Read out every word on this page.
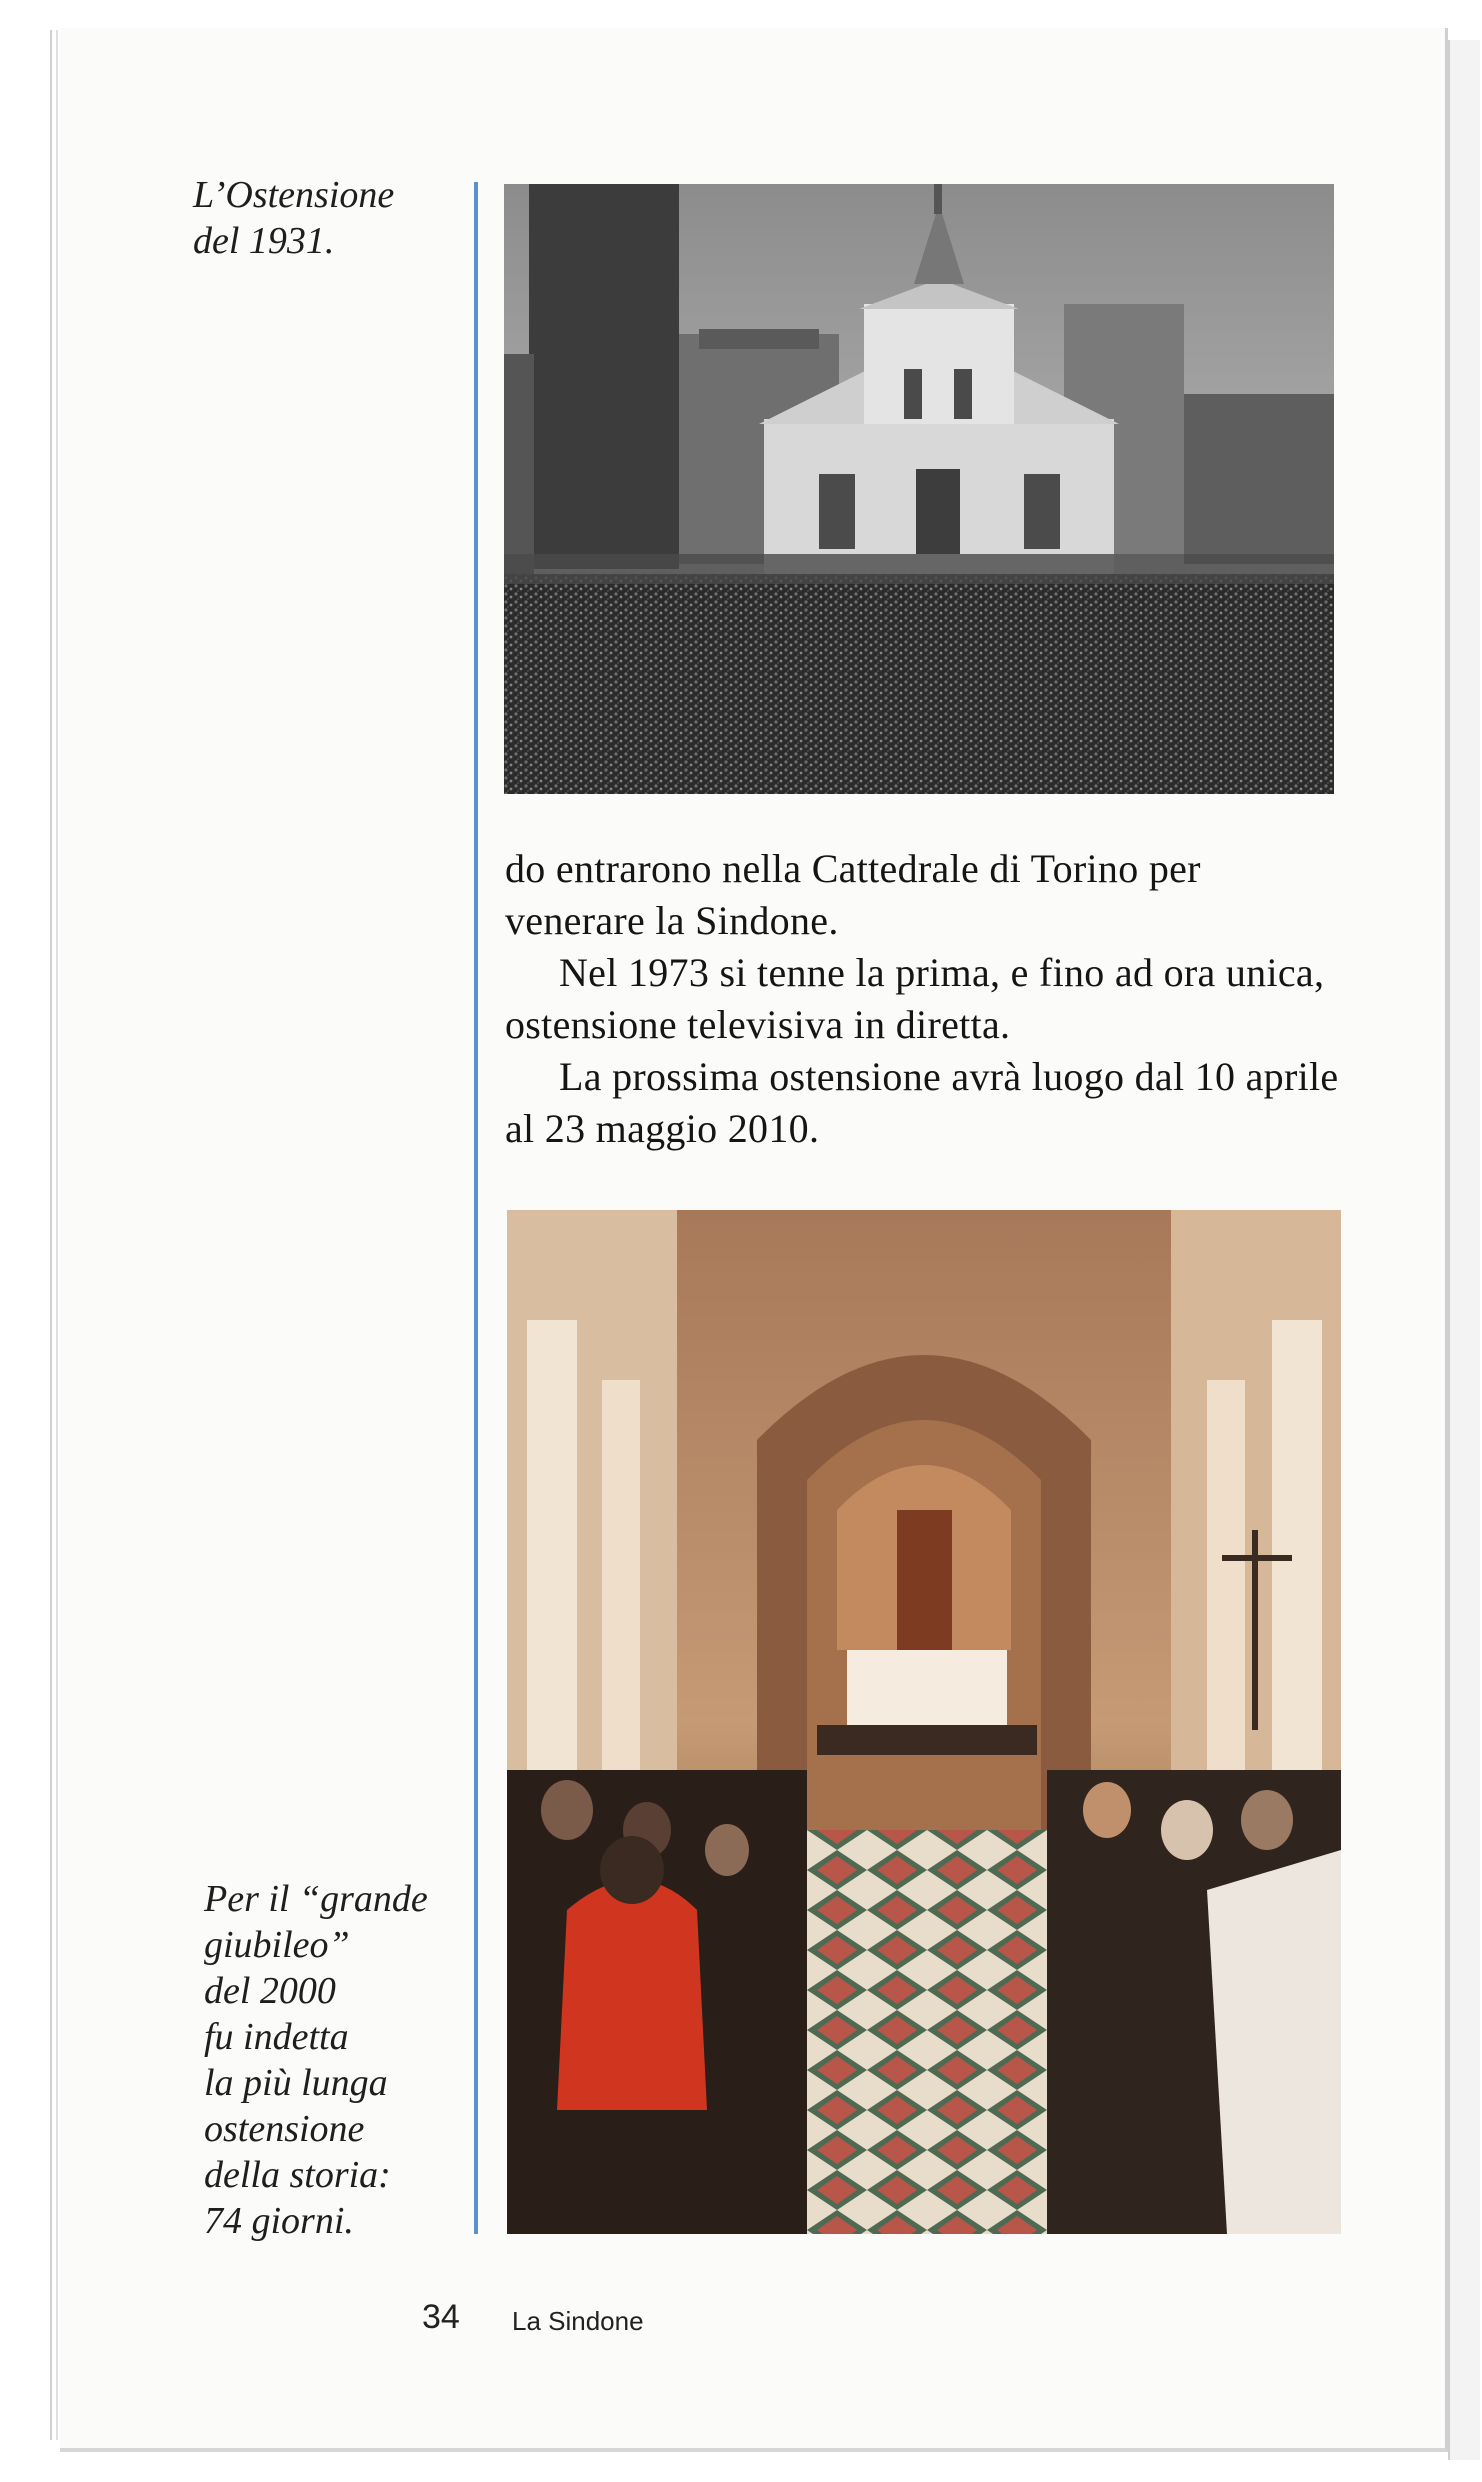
L’Ostensione
del 1931.

do entrarono nella Cattedrale di Torino per venerare la Sindone.

Nel 1973 si tenne la prima, e fino ad ora unica, ostensione televisiva in diretta.

La prossima ostensione avrà luogo dal 10 aprile al 23 maggio 2010.

Per il “grande
giubileo”
del 2000
fu indetta
la più lunga
ostensione
della storia:
74 giorni.
34 La Sindone
